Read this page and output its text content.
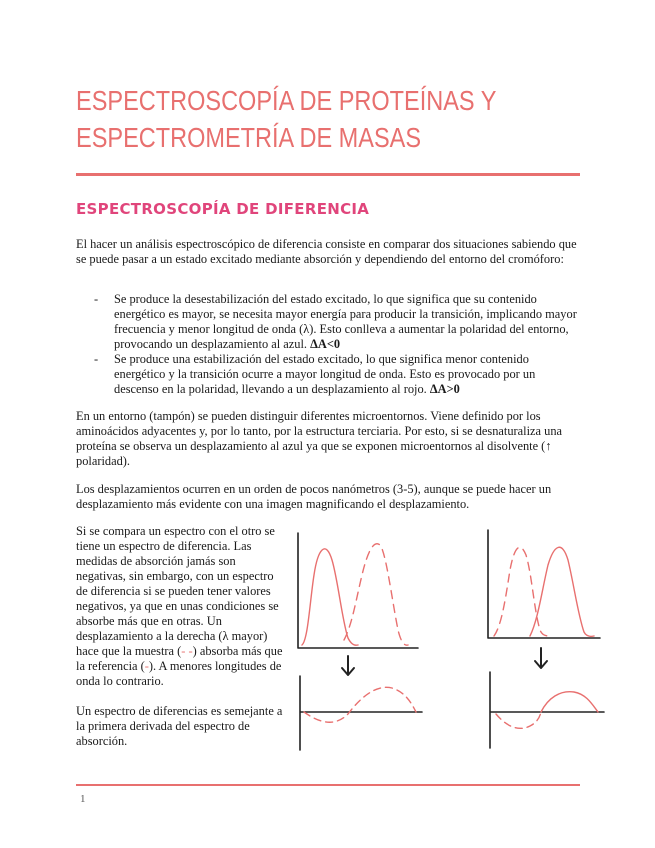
ESPECTROSCOPÍA DE PROTEÍNAS Y
ESPECTROMETRÍA DE MASAS
ESPECTROSCOPÍA DE DIFERENCIA

El hacer un análisis espectroscópico de diferencia consiste en comparar dos situaciones sabiendo que se puede pasar a un estado excitado mediante absorción y dependiendo del entorno del cromóforo:

- Se produce la desestabilización del estado excitado, lo que significa que su contenido energético es mayor, se necesita mayor energía para producir la transición, implicando mayor frecuencia y menor longitud de onda (λ). Esto conlleva a aumentar la polaridad del entorno, provocando un desplazamiento al azul. ΔA<0
- Se produce una estabilización del estado excitado, lo que significa menor contenido energético y la transición ocurre a mayor longitud de onda. Esto es provocado por un descenso en la polaridad, llevando a un desplazamiento al rojo. ΔA>0

En un entorno (tampón) se pueden distinguir diferentes microentornos. Viene definido por los aminoácidos adyacentes y, por lo tanto, por la estructura terciaria. Por esto, si se desnaturaliza una proteína se observa un desplazamiento al azul ya que se exponen microentornos al disolvente (↑ polaridad).

Los desplazamientos ocurren en un orden de pocos nanómetros (3-5), aunque se puede hacer un desplazamiento más evidente con una imagen magnificando el desplazamiento.

Si se compara un espectro con el otro se tiene un espectro de diferencia. Las medidas de absorción jamás son negativas, sin embargo, con un espectro de diferencia si se pueden tener valores negativos, ya que en unas condiciones se absorbe más que en otras. Un desplazamiento a la derecha (λ mayor) hace que la muestra (- -) absorba más que la referencia (-). A menores longitudes de onda lo contrario.

Un espectro de diferencias es semejante a la primera derivada del espectro de absorción.

1
